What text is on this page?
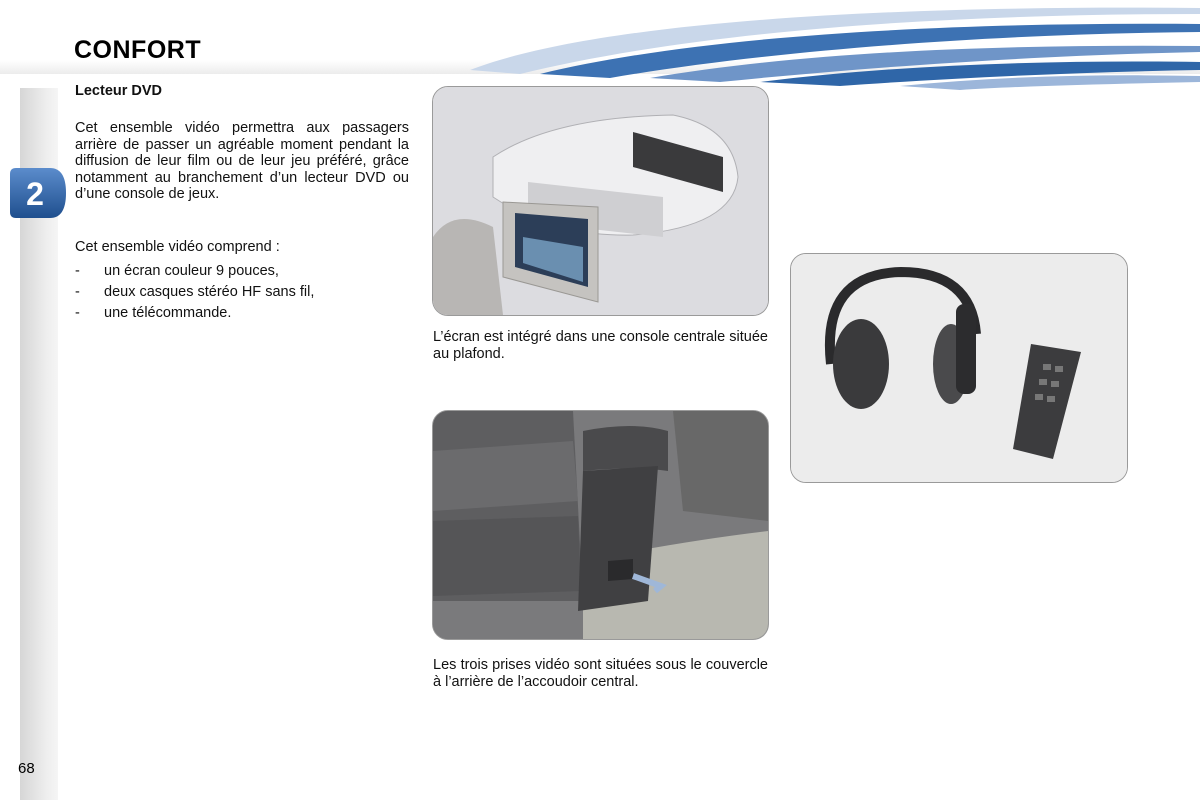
2
CONFORT
Lecteur DVD
Cet ensemble vidéo permettra aux passagers arrière de passer un agréable moment pendant la diffusion de leur film ou de leur jeu préféré, grâce notamment au branchement d’un lecteur DVD ou d’une console de jeux.
Cet ensemble vidéo comprend :
-	un écran couleur 9 pouces,
-	deux casques stéréo HF sans fil,
-	une télécommande.
L’écran est intégré dans une console centrale située au plafond.
Les trois prises vidéo sont situées sous le couvercle à l’arrière de l’accoudoir central.
68
